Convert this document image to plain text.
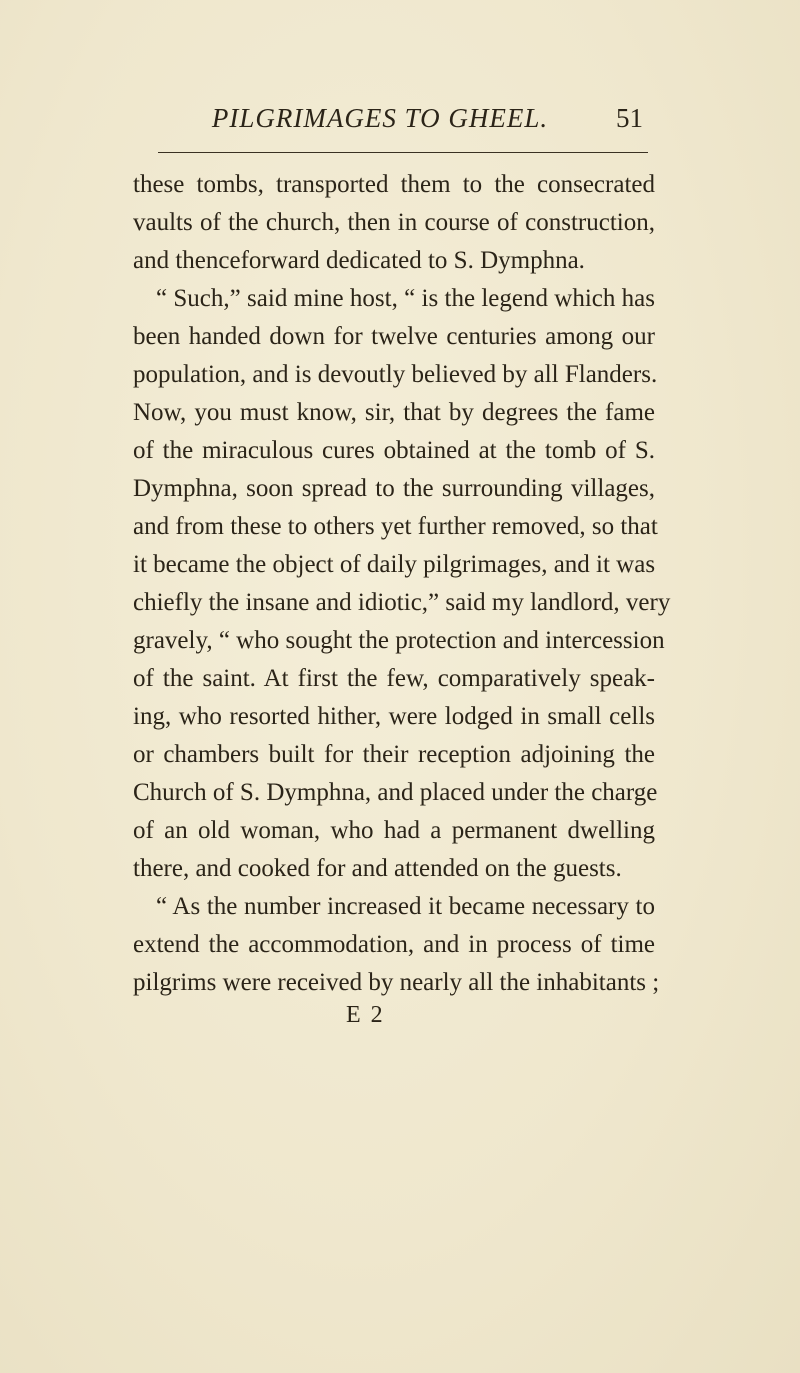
PILGRIMAGES TO GHEEL.	51
these tombs, transported them to the consecrated
vaults of the church, then in course of construction,
and thenceforward dedicated to S. Dymphna.
“ Such,” said mine host, “ is the legend which has
been handed down for twelve centuries among our
population, and is devoutly believed by all Flanders.
Now, you must know, sir, that by degrees the fame
of the miraculous cures obtained at the tomb of S.
Dymphna, soon spread to the surrounding villages,
and from these to others yet further removed, so that
it became the object of daily pilgrimages, and it was
chiefly the insane and idiotic,” said my landlord, very
gravely, “ who sought the protection and intercession
of the saint. At first the few, comparatively speak-
ing, who resorted hither, were lodged in small cells
or chambers built for their reception adjoining the
Church of S. Dymphna, and placed under the charge
of an old woman, who had a permanent dwelling
there, and cooked for and attended on the guests.
“ As the number increased it became necessary to
extend the accommodation, and in process of time
pilgrims were received by nearly all the inhabitants ;
E 2
